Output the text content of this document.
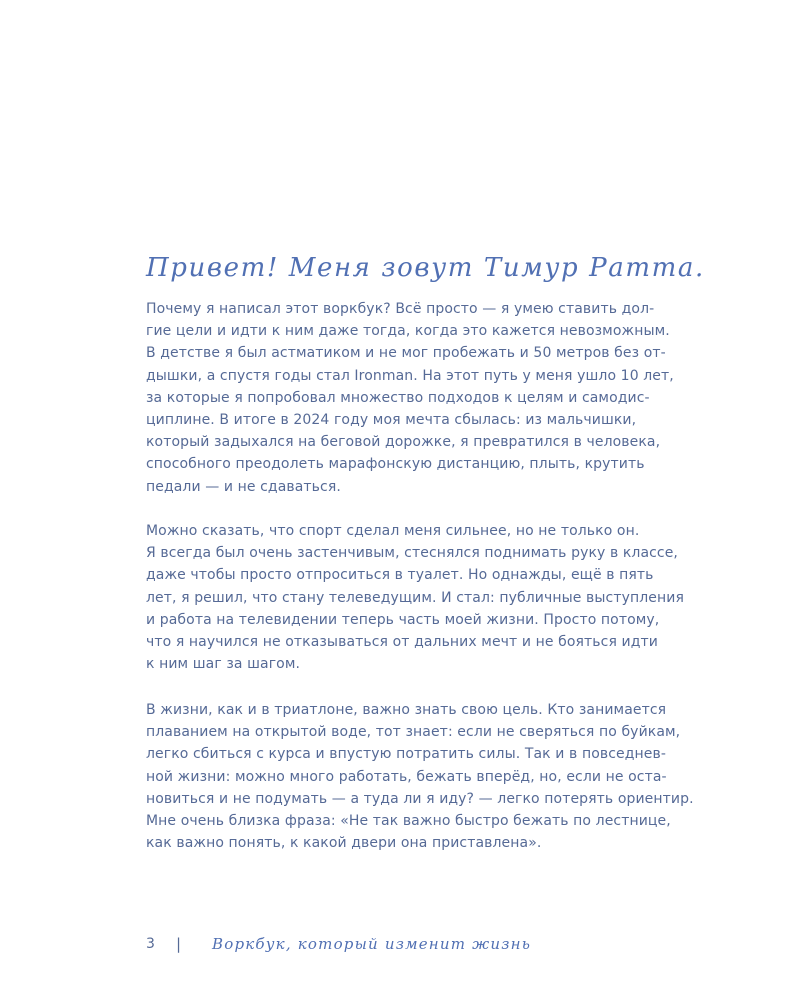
Привет! Меня зовут Тимур Ратта.
Почему я написал этот воркбук? Всё просто — я умею ставить дол-
гие цели и идти к ним даже тогда, когда это кажется невозможным.
В детстве я был астматиком и не мог пробежать и 50 метров без от-
дышки, а спустя годы стал Ironman. На этот путь у меня ушло 10 лет,
за которые я попробовал множество подходов к целям и самодис-
циплине. В итоге в 2024 году моя мечта сбылась: из мальчишки,
который задыхался на беговой дорожке, я превратился в человека,
способного преодолеть марафонскую дистанцию, плыть, крутить
педали — и не сдаваться.
Можно сказать, что спорт сделал меня сильнее, но не только он.
Я всегда был очень застенчивым, стеснялся поднимать руку в классе,
даже чтобы просто отпроситься в туалет. Но однажды, ещё в пять
лет, я решил, что стану телеведущим. И стал: публичные выступления
и работа на телевидении теперь часть моей жизни. Просто потому,
что я научился не отказываться от дальних мечт и не бояться идти
к ним шаг за шагом.
В жизни, как и в триатлоне, важно знать свою цель. Кто занимается
плаванием на открытой воде, тот знает: если не сверяться по буйкам,
легко сбиться с курса и впустую потратить силы. Так и в повседнев-
ной жизни: можно много работать, бежать вперёд, но, если не оста-
новиться и не подумать — а туда ли я иду? — легко потерять ориентир.
Мне очень близка фраза: «Не так важно быстро бежать по лестнице,
как важно понять, к какой двери она приставлена».
3	|	Воркбук, который изменит жизнь
